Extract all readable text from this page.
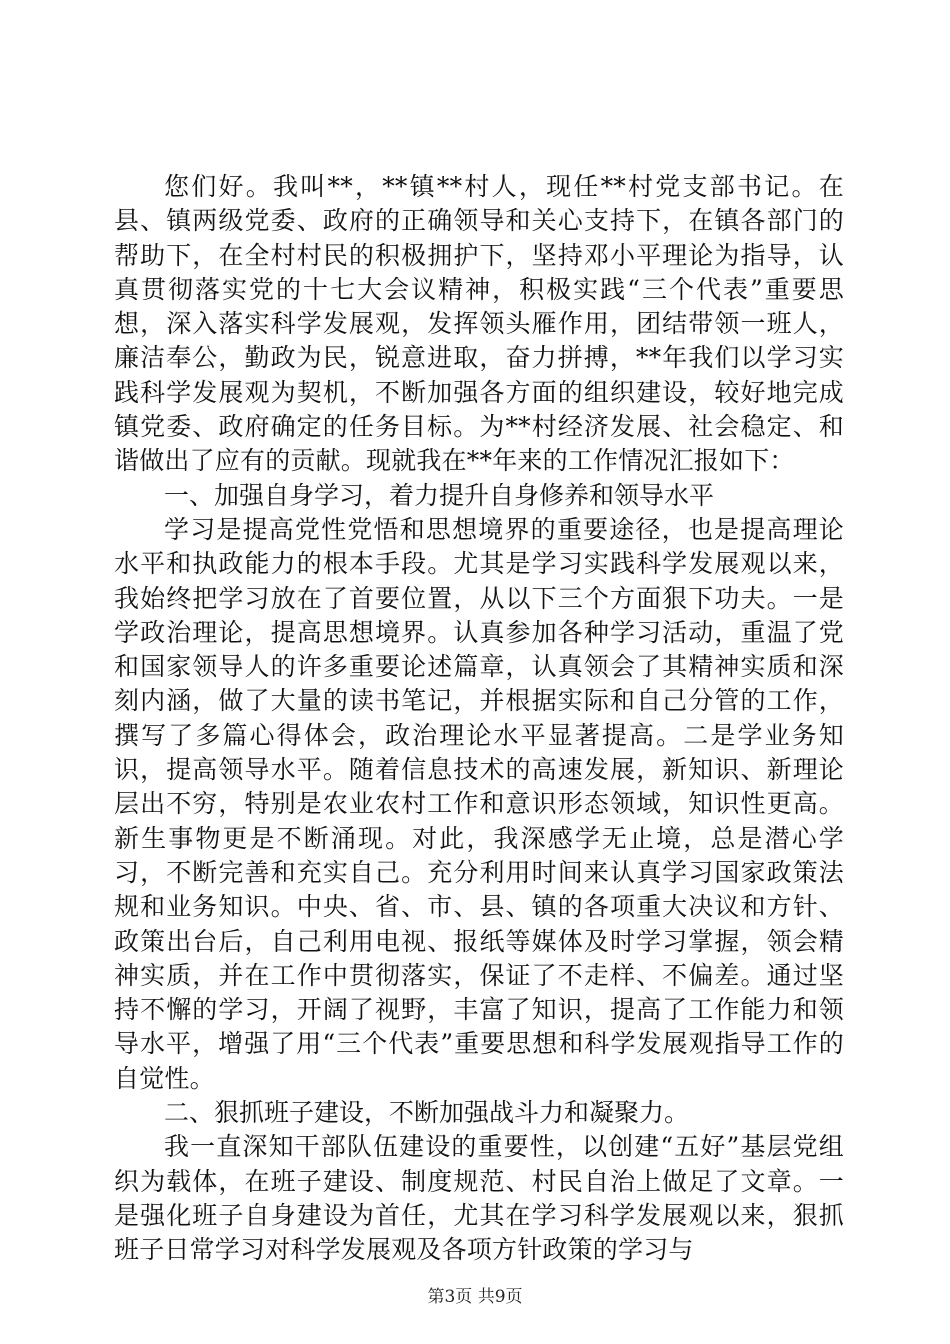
您们好。我叫**，**镇**村人，现任**村党支部书记。在县、镇两级党委、政府的正确领导和关心支持下，在镇各部门的帮助下，在全村村民的积极拥护下，坚持邓小平理论为指导，认真贯彻落实党的十七大会议精神，积极实践“三个代表”重要思想，深入落实科学发展观，发挥领头雁作用，团结带领一班人，廉洁奉公，勤政为民，锐意进取，奋力拼搏，**年我们以学习实践科学发展观为契机，不断加强各方面的组织建设，较好地完成镇党委、政府确定的任务目标。为**村经济发展、社会稳定、和谐做出了应有的贡献。现就我在**年来的工作情况汇报如下：

一、加强自身学习，着力提升自身修养和领导水平

学习是提高党性党悟和思想境界的重要途径，也是提高理论水平和执政能力的根本手段。尤其是学习实践科学发展观以来，我始终把学习放在了首要位置，从以下三个方面狠下功夫。一是学政治理论，提高思想境界。认真参加各种学习活动，重温了党和国家领导人的许多重要论述篇章，认真领会了其精神实质和深刻内涵，做了大量的读书笔记，并根据实际和自己分管的工作，撰写了多篇心得体会，政治理论水平显著提高。二是学业务知识，提高领导水平。随着信息技术的高速发展，新知识、新理论层出不穷，特别是农业农村工作和意识形态领域，知识性更高。新生事物更是不断涌现。对此，我深感学无止境，总是潜心学习，不断完善和充实自己。充分利用时间来认真学习国家政策法规和业务知识。中央、省、市、县、镇的各项重大决议和方针、政策出台后，自己利用电视、报纸等媒体及时学习掌握，领会精神实质，并在工作中贯彻落实，保证了不走样、不偏差。通过坚持不懈的学习，开阔了视野，丰富了知识，提高了工作能力和领导水平，增强了用“三个代表”重要思想和科学发展观指导工作的自觉性。

二、狠抓班子建设，不断加强战斗力和凝聚力。

我一直深知干部队伍建设的重要性，以创建“五好”基层党组织为载体，在班子建设、制度规范、村民自治上做足了文章。一是强化班子自身建设为首任，尤其在学习科学发展观以来，狠抓班子日常学习对科学发展观及各项方针政策的学习与

第3页 共9页
